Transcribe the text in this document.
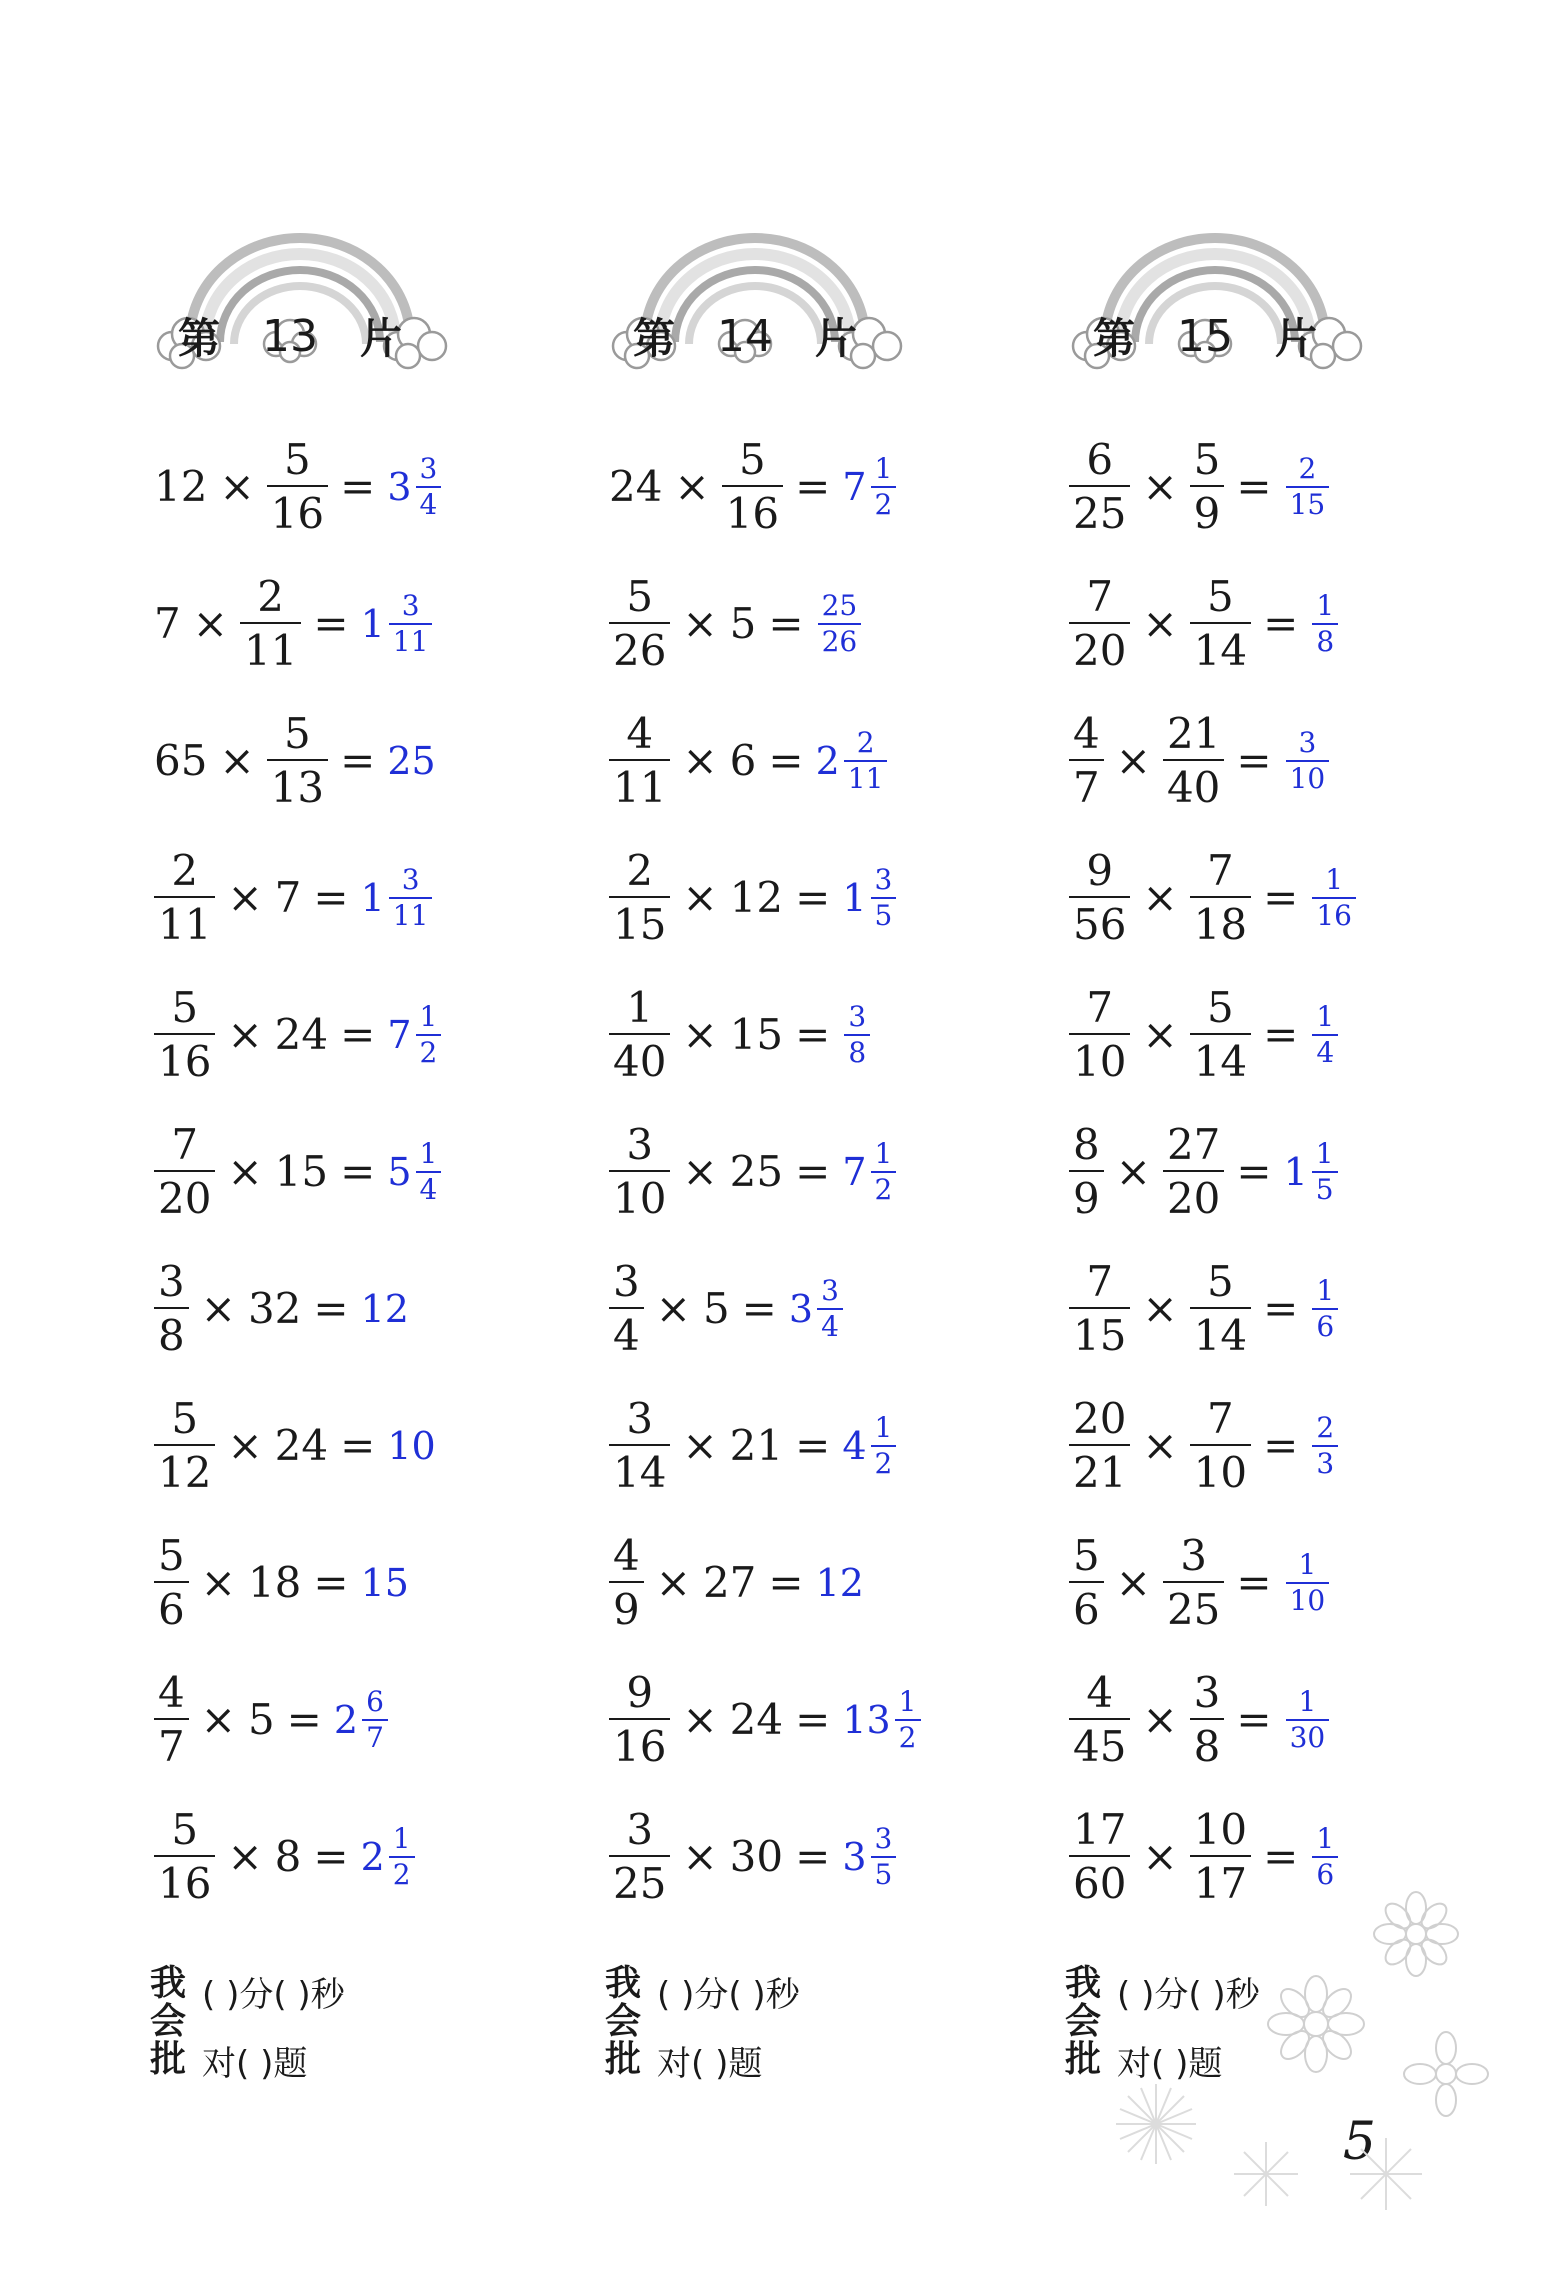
第 13 片
$12 \times \frac{5}{16} = 3 \frac{3}{4}$
$7 \times \frac{2}{11} = 1 \frac{3}{11}$
$65 \times \frac{5}{13} = 25$
$\frac{2}{11} \times 7 = 1 \frac{3}{11}$
$\frac{5}{16} \times 24 = 7 \frac{1}{2}$
$\frac{7}{20} \times 15 = 5 \frac{1}{4}$
$\frac{3}{8} \times 32 = 12$
$\frac{5}{12} \times 24 = 10$
$\frac{5}{6} \times 18 = 15$
$\frac{4}{7} \times 5 = 2 \frac{6}{7}$
$\frac{5}{16} \times 8 = 2 \frac{1}{2}$
我
会
批
( )分( )秒
对( )题
第 14 片
$24 \times \frac{5}{16} = 7 \frac{1}{2}$
$\frac{5}{26} \times 5 = \frac{25}{26}$
$\frac{4}{11} \times 6 = 2 \frac{2}{11}$
$\frac{2}{15} \times 12 = 1 \frac{3}{5}$
$\frac{1}{40} \times 15 = \frac{3}{8}$
$\frac{3}{10} \times 25 = 7 \frac{1}{2}$
$\frac{3}{4} \times 5 = 3 \frac{3}{4}$
$\frac{3}{14} \times 21 = 4 \frac{1}{2}$
$\frac{4}{9} \times 27 = 12$
$\frac{9}{16} \times 24 = 13 \frac{1}{2}$
$\frac{3}{25} \times 30 = 3 \frac{3}{5}$
我
会
批
( )分( )秒
对( )题
第 15 片
$\frac{6}{25} \times \frac{5}{9} = \frac{2}{15}$
$\frac{7}{20} \times \frac{5}{14} = \frac{1}{8}$
$\frac{4}{7} \times \frac{21}{40} = \frac{3}{10}$
$\frac{9}{56} \times \frac{7}{18} = \frac{1}{16}$
$\frac{7}{10} \times \frac{5}{14} = \frac{1}{4}$
$\frac{8}{9} \times \frac{27}{20} = 1 \frac{1}{5}$
$\frac{7}{15} \times \frac{5}{14} = \frac{1}{6}$
$\frac{20}{21} \times \frac{7}{10} = \frac{2}{3}$
$\frac{5}{6} \times \frac{3}{25} = \frac{1}{10}$
$\frac{4}{45} \times \frac{3}{8} = \frac{1}{30}$
$\frac{17}{60} \times \frac{10}{17} = \frac{1}{6}$
我
会
批
( )分( )秒
对( )题
5
